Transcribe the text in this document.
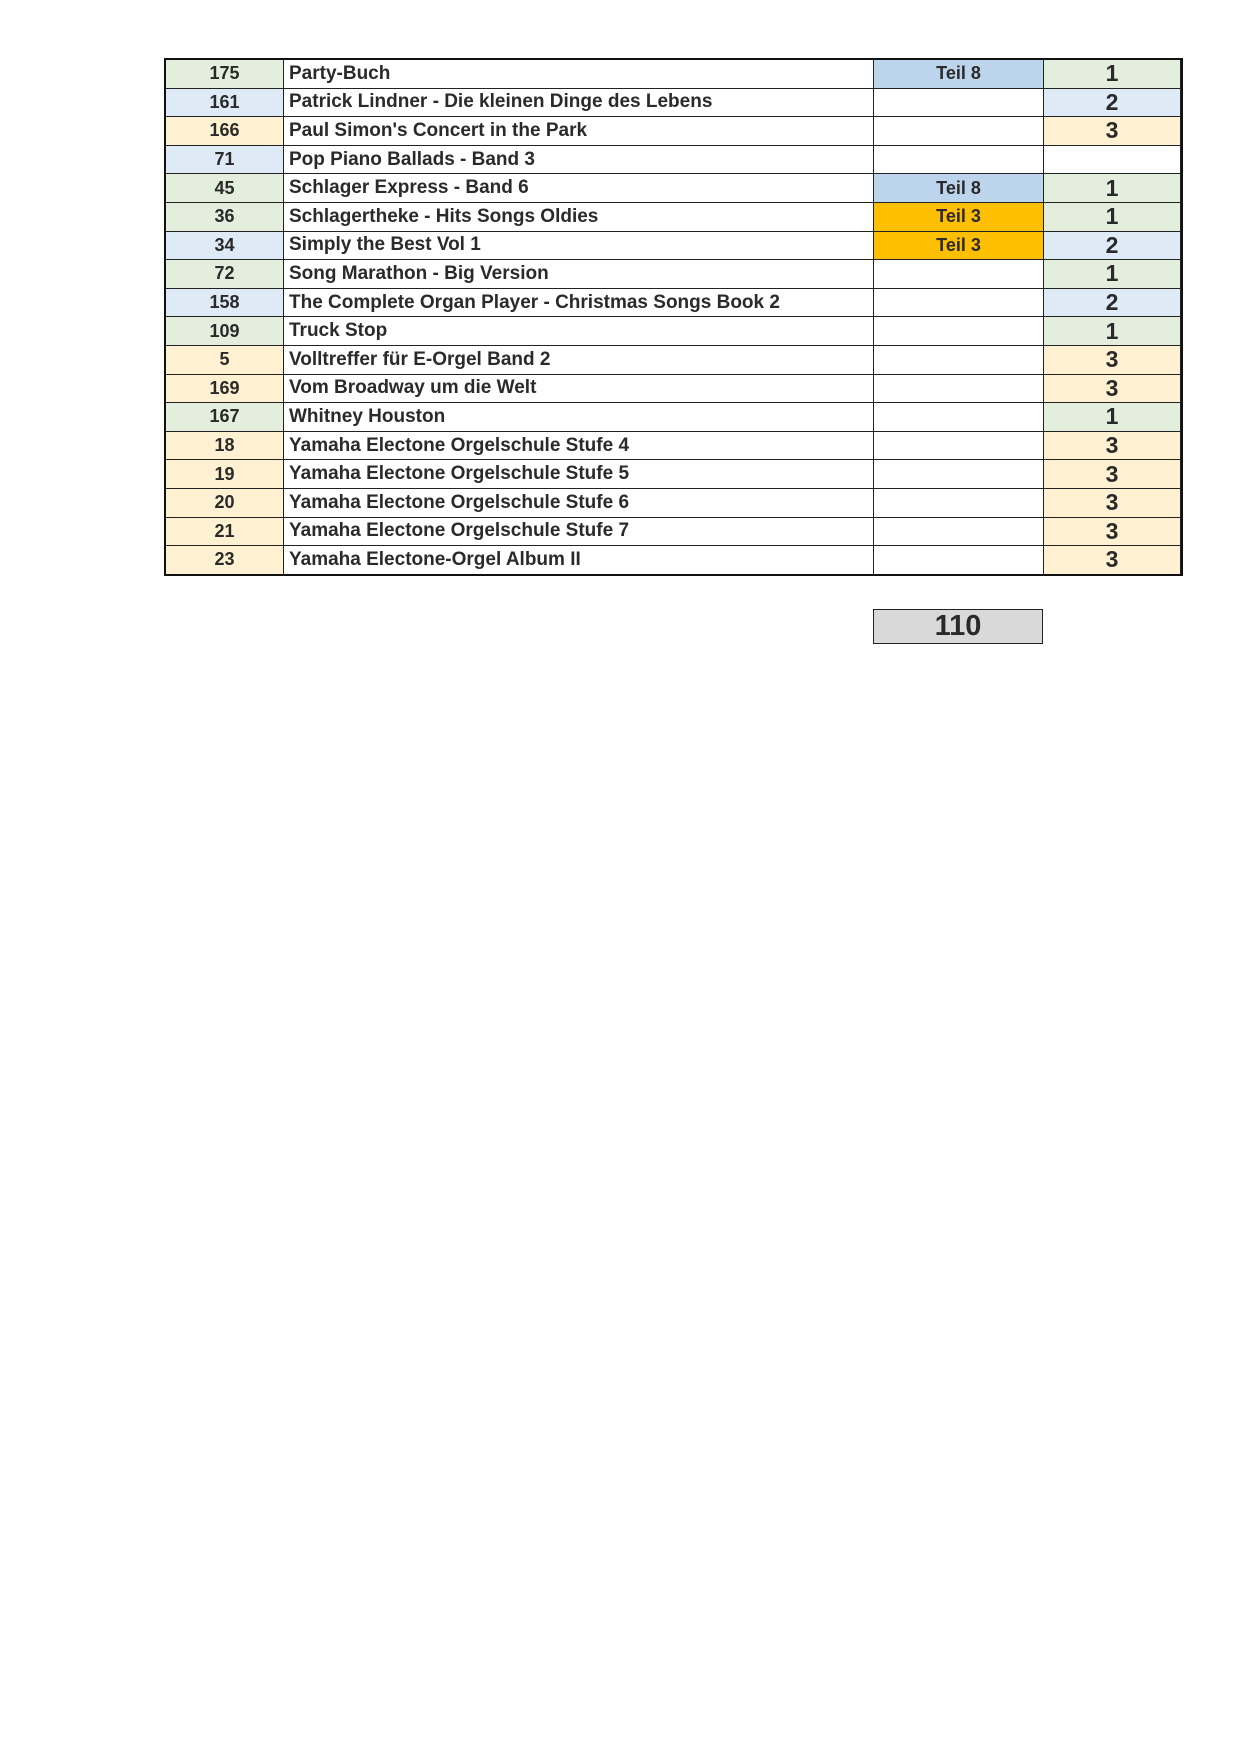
175	Party-Buch	Teil 8	1
161	Patrick Lindner - Die kleinen Dinge des Lebens		2
166	Paul Simon's Concert in the Park		3
71	Pop Piano Ballads - Band 3		
45	Schlager Express - Band 6	Teil 8	1
36	Schlagertheke - Hits Songs Oldies	Teil 3	1
34	Simply the Best Vol 1	Teil 3	2
72	Song Marathon - Big Version		1
158	The Complete Organ Player - Christmas Songs Book 2		2
109	Truck Stop		1
5	Volltreffer für E-Orgel Band 2		3
169	Vom Broadway um die Welt		3
167	Whitney Houston		1
18	Yamaha Electone Orgelschule Stufe 4		3
19	Yamaha Electone Orgelschule Stufe 5		3
20	Yamaha Electone Orgelschule Stufe 6		3
21	Yamaha Electone Orgelschule Stufe 7		3
23	Yamaha Electone-Orgel Album II		3
110
